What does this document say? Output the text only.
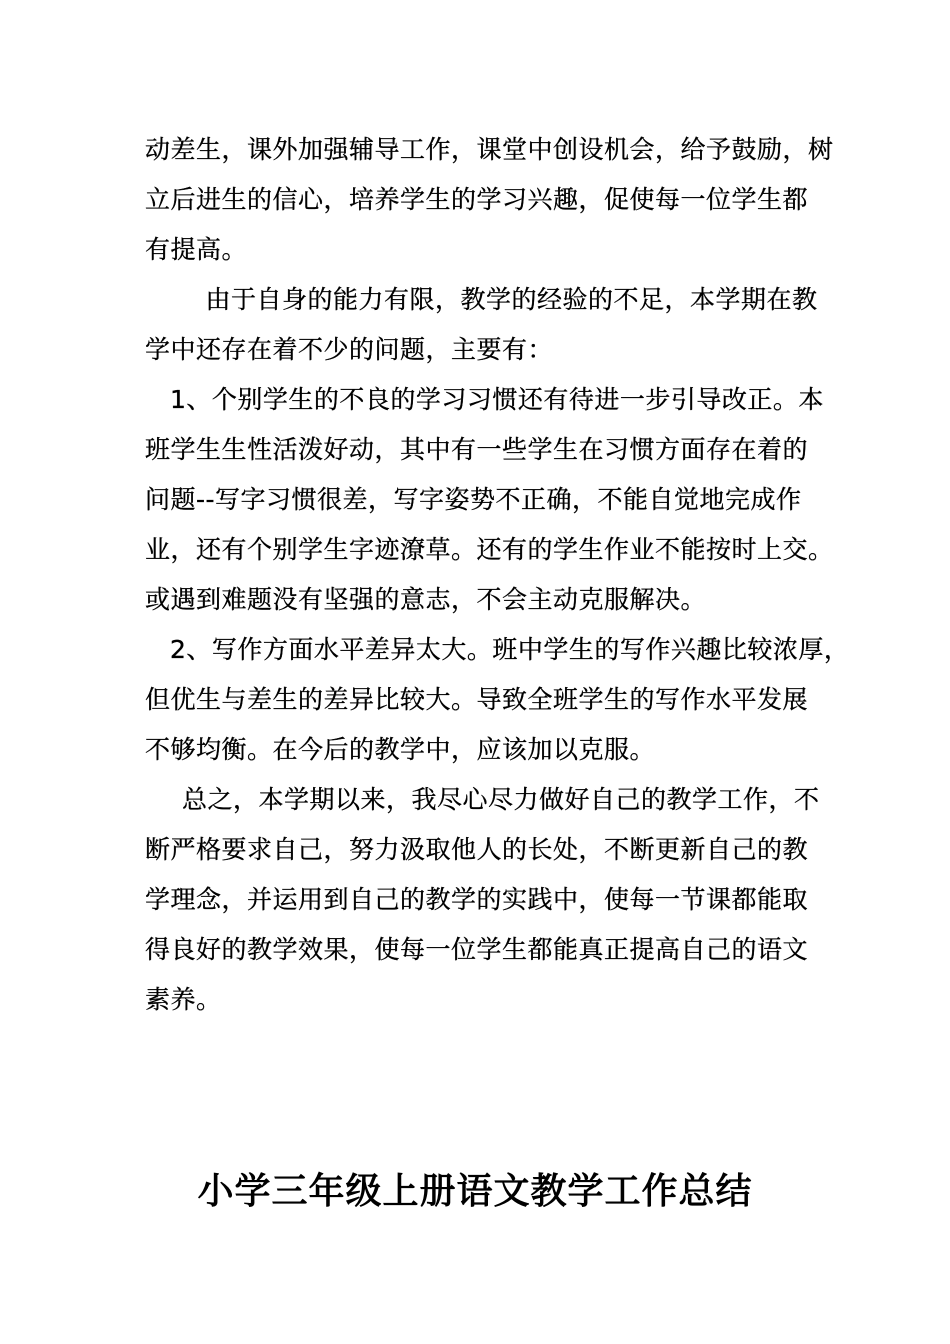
动差生，课外加强辅导工作，课堂中创设机会，给予鼓励，树
立后进生的信心，培养学生的学习兴趣，促使每一位学生都
有提高。
　由于自身的能力有限，教学的经验的不足，本学期在教
学中还存在着不少的问题，主要有：
1、个别学生的不良的学习习惯还有待进一步引导改正。本
班学生生性活泼好动，其中有一些学生在习惯方面存在着的
问题--写字习惯很差，写字姿势不正确，不能自觉地完成作
业，还有个别学生字迹潦草。还有的学生作业不能按时上交。
或遇到难题没有坚强的意志，不会主动克服解决。
2、写作方面水平差异太大。班中学生的写作兴趣比较浓厚，
但优生与差生的差异比较大。导致全班学生的写作水平发展
不够均衡。在今后的教学中，应该加以克服。
总之，本学期以来，我尽心尽力做好自己的教学工作，不
断严格要求自己，努力汲取他人的长处，不断更新自己的教
学理念，并运用到自己的教学的实践中，使每一节课都能取
得良好的教学效果，使每一位学生都能真正提高自己的语文
素养。
小学三年级上册语文教学工作总结
